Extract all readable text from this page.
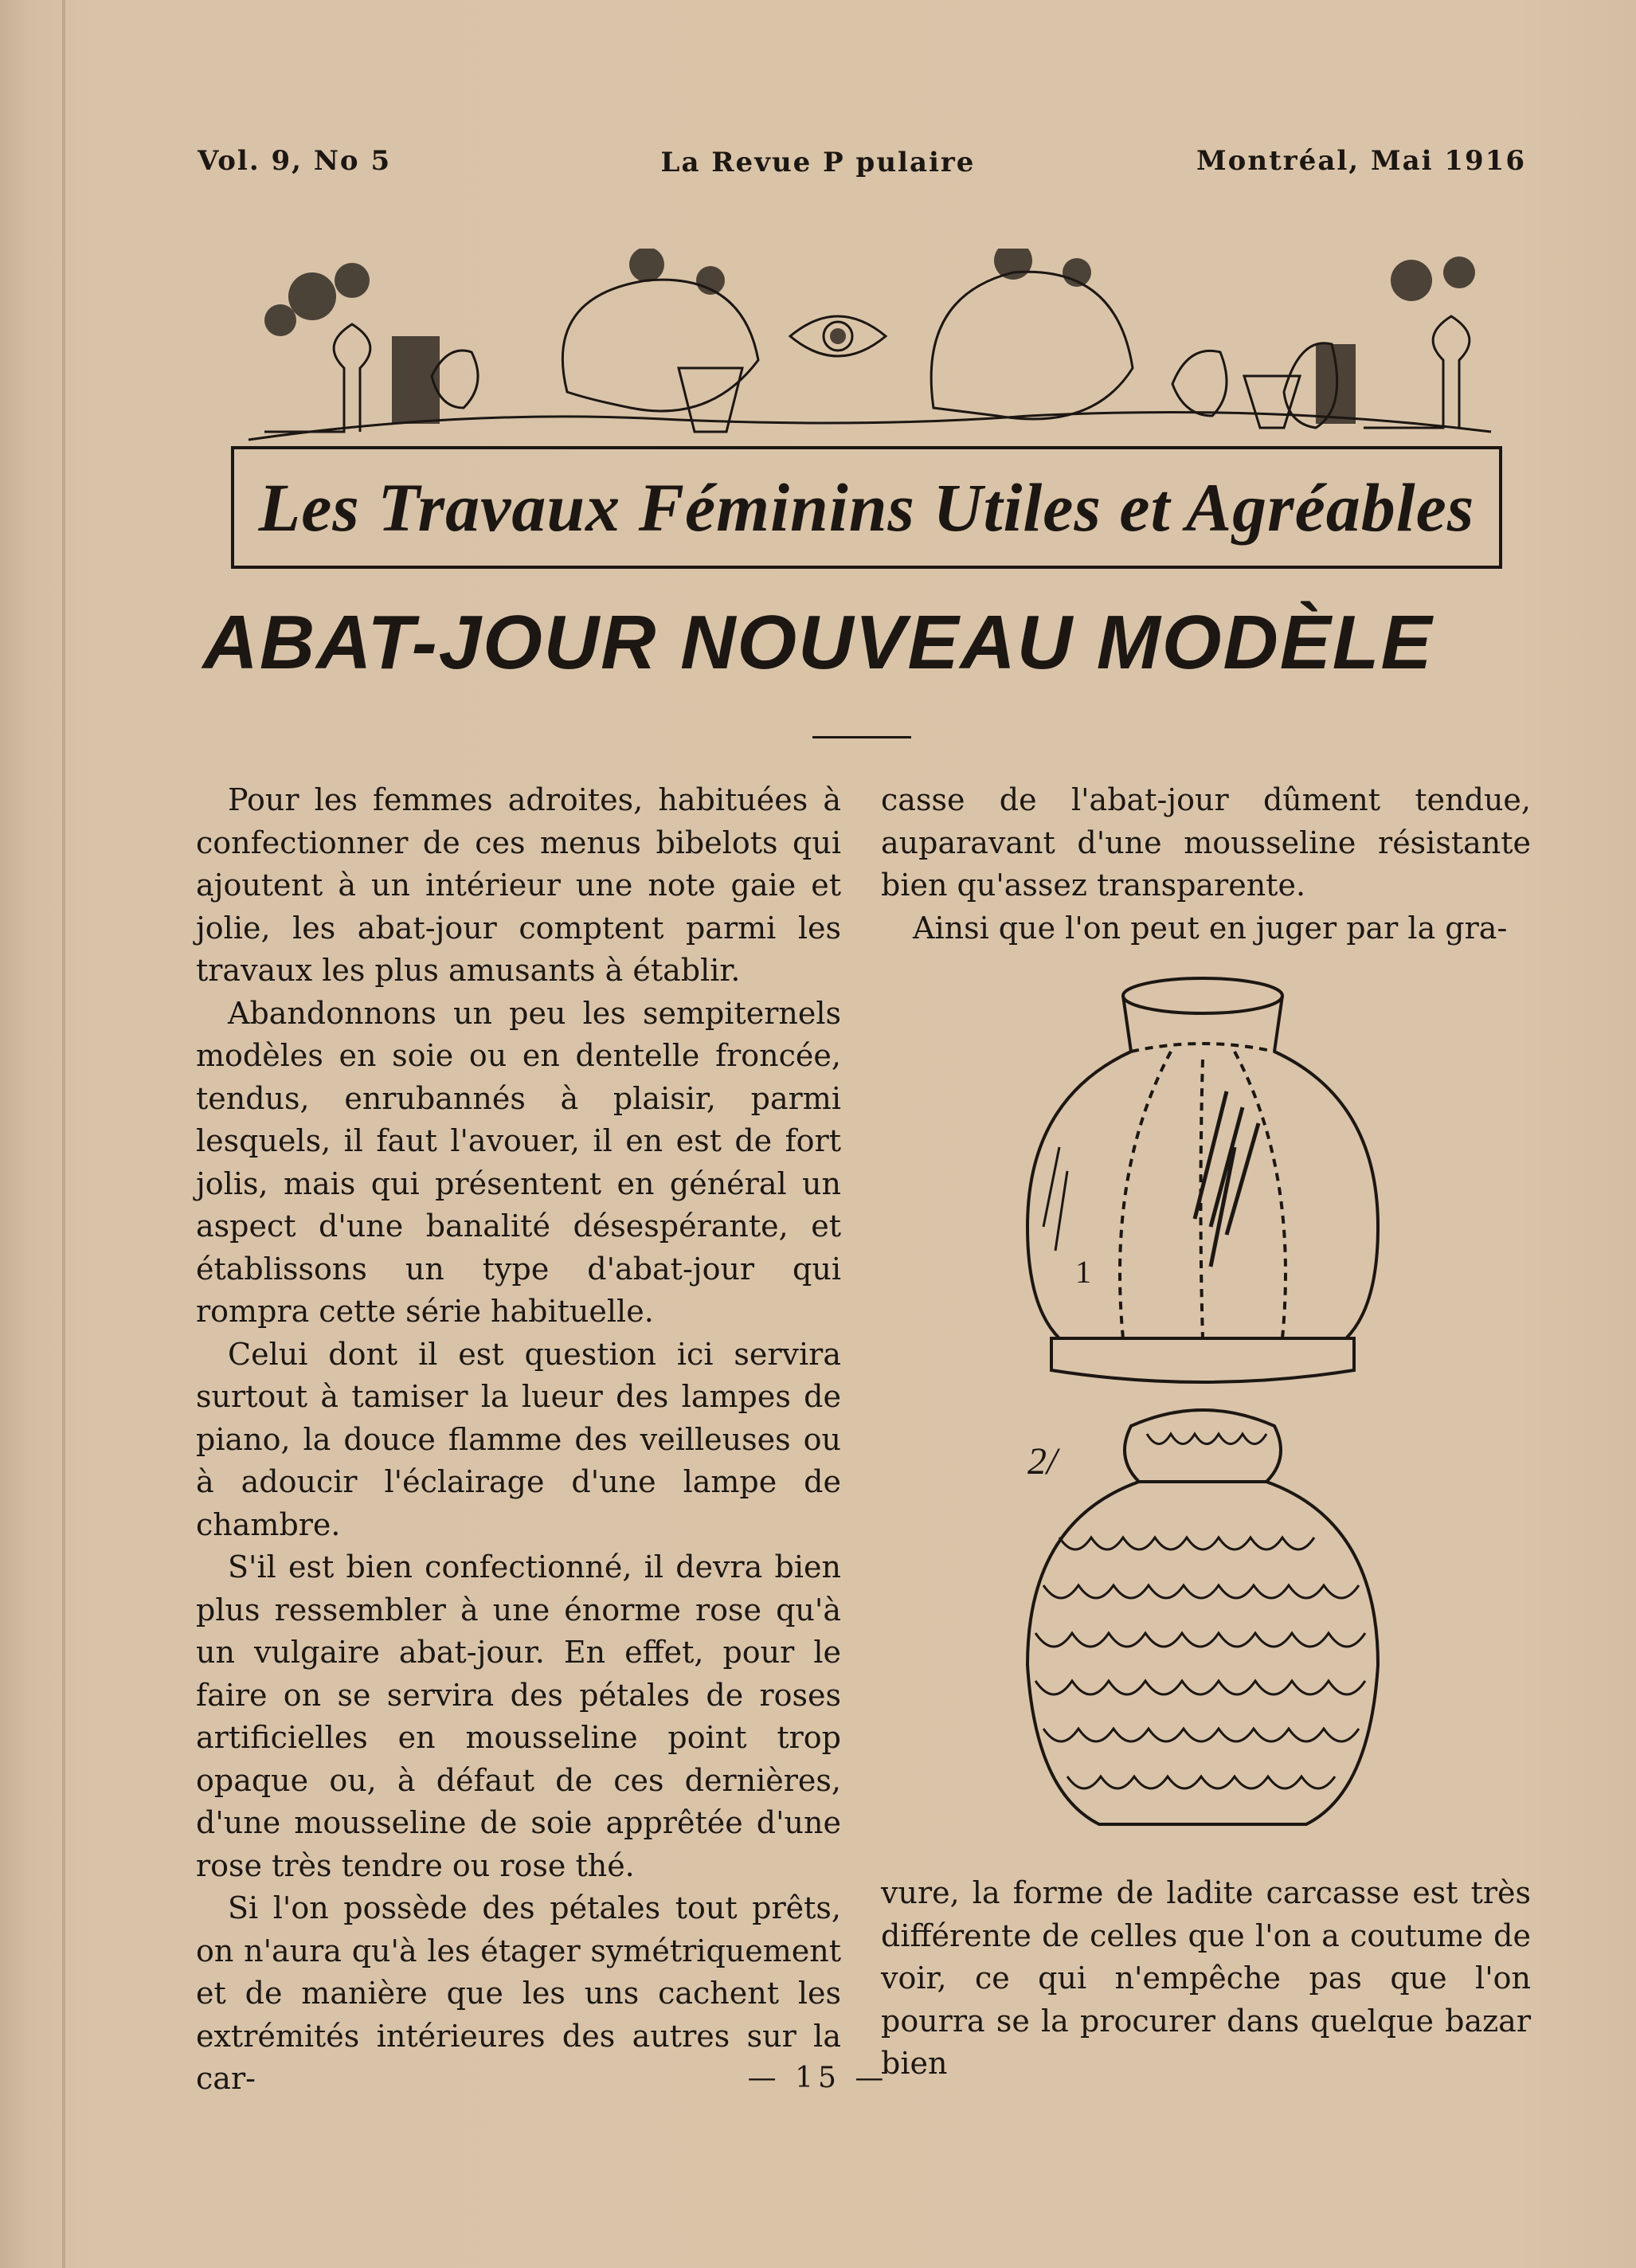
Vol. 9, No 5	La Revue P pulaire	Montréal, Mai 1916
Les Travaux Féminins Utiles et Agréables
ABAT-JOUR NOUVEAU MODÈLE

Pour les femmes adroites, habituées à confectionner de ces menus bibelots qui ajoutent à un intérieur une note gaie et jolie, les abat-jour comptent parmi les travaux les plus amusants à établir.

Abandonnons un peu les sempiternels modèles en soie ou en dentelle froncée, tendus, enrubannés à plaisir, parmi lesquels, il faut l'avouer, il en est de fort jolis, mais qui présentent en général un aspect d'une banalité désespérante, et établissons un type d'abat-jour qui rompra cette série habituelle.

Celui dont il est question ici servira surtout à tamiser la lueur des lampes de piano, la douce flamme des veilleuses ou à adoucir l'éclairage d'une lampe de chambre.

S'il est bien confectionné, il devra bien plus ressembler à une énorme rose qu'à un vulgaire abat-jour. En effet, pour le faire on se servira des pétales de roses artificielles en mousseline point trop opaque ou, à défaut de ces dernières, d'une mousseline de soie apprêtée d'une rose très tendre ou rose thé.

Si l'on possède des pétales tout prêts, on n'aura qu'à les étager symétriquement et de manière que les uns cachent les extrémités intérieures des autres sur la car-

casse de l'abat-jour dûment tendue, auparavant d'une mousseline résistante bien qu'assez transparente.

Ainsi que l'on peut en juger par la gra-

1
2/

vure, la forme de ladite carcasse est très différente de celles que l'on a coutume de voir, ce qui n'empêche pas que l'on pourra se la procurer dans quelque bazar bien

— 15 —
